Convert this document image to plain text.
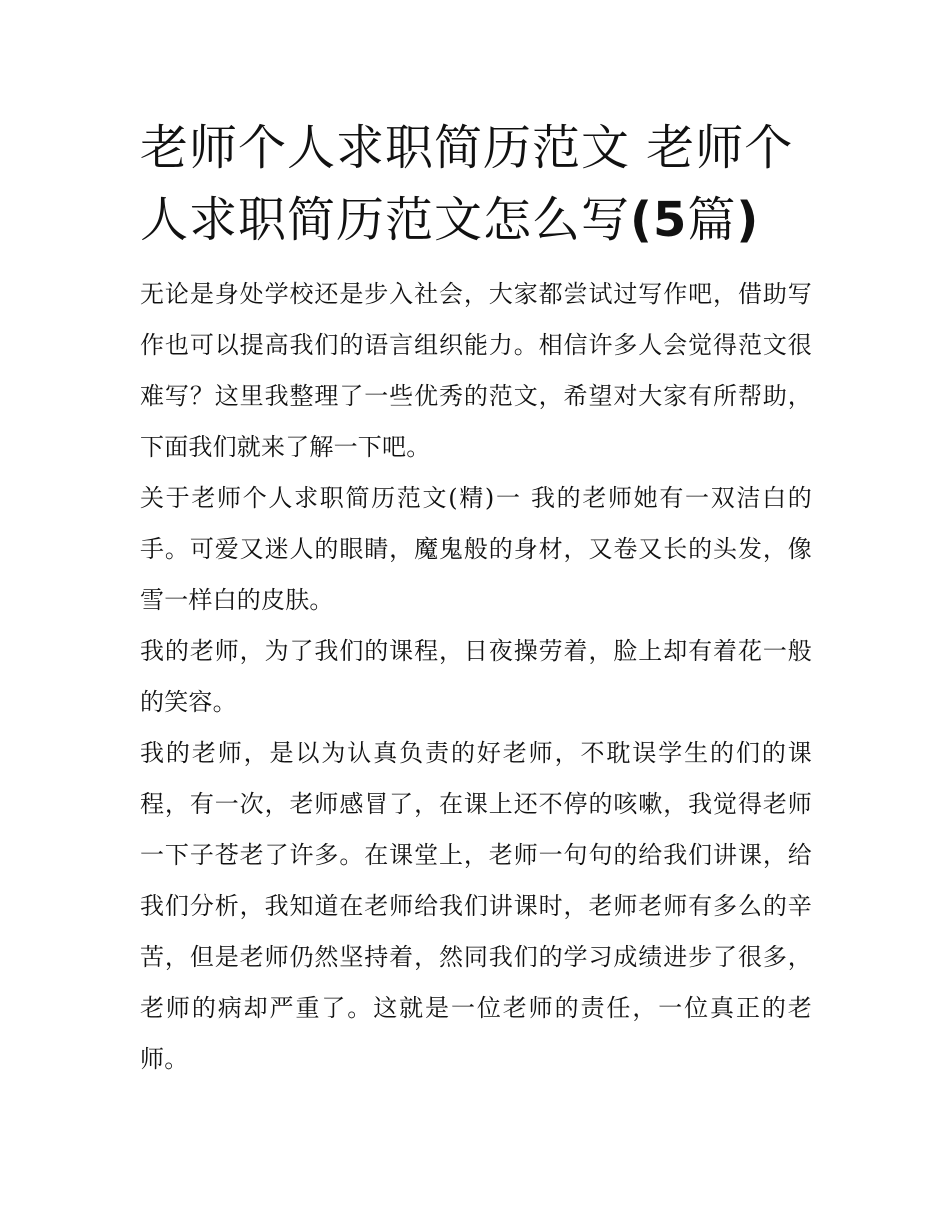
老师个人求职简历范文 老师个人求职简历范文怎么写(5篇)

无论是身处学校还是步入社会，大家都尝试过写作吧，借助写作也可以提高我们的语言组织能力。相信许多人会觉得范文很难写？这里我整理了一些优秀的范文，希望对大家有所帮助，下面我们就来了解一下吧。

关于老师个人求职简历范文(精)一 我的老师她有一双洁白的手。可爱又迷人的眼睛，魔鬼般的身材，又卷又长的头发，像雪一样白的皮肤。

我的老师，为了我们的课程，日夜操劳着，脸上却有着花一般的笑容。

我的老师，是以为认真负责的好老师，不耽误学生的们的课程，有一次，老师感冒了，在课上还不停的咳嗽，我觉得老师一下子苍老了许多。在课堂上，老师一句句的给我们讲课，给我们分析，我知道在老师给我们讲课时，老师老师有多么的辛苦，但是老师仍然坚持着，然同我们的学习成绩进步了很多，老师的病却严重了。这就是一位老师的责任，一位真正的老师。
